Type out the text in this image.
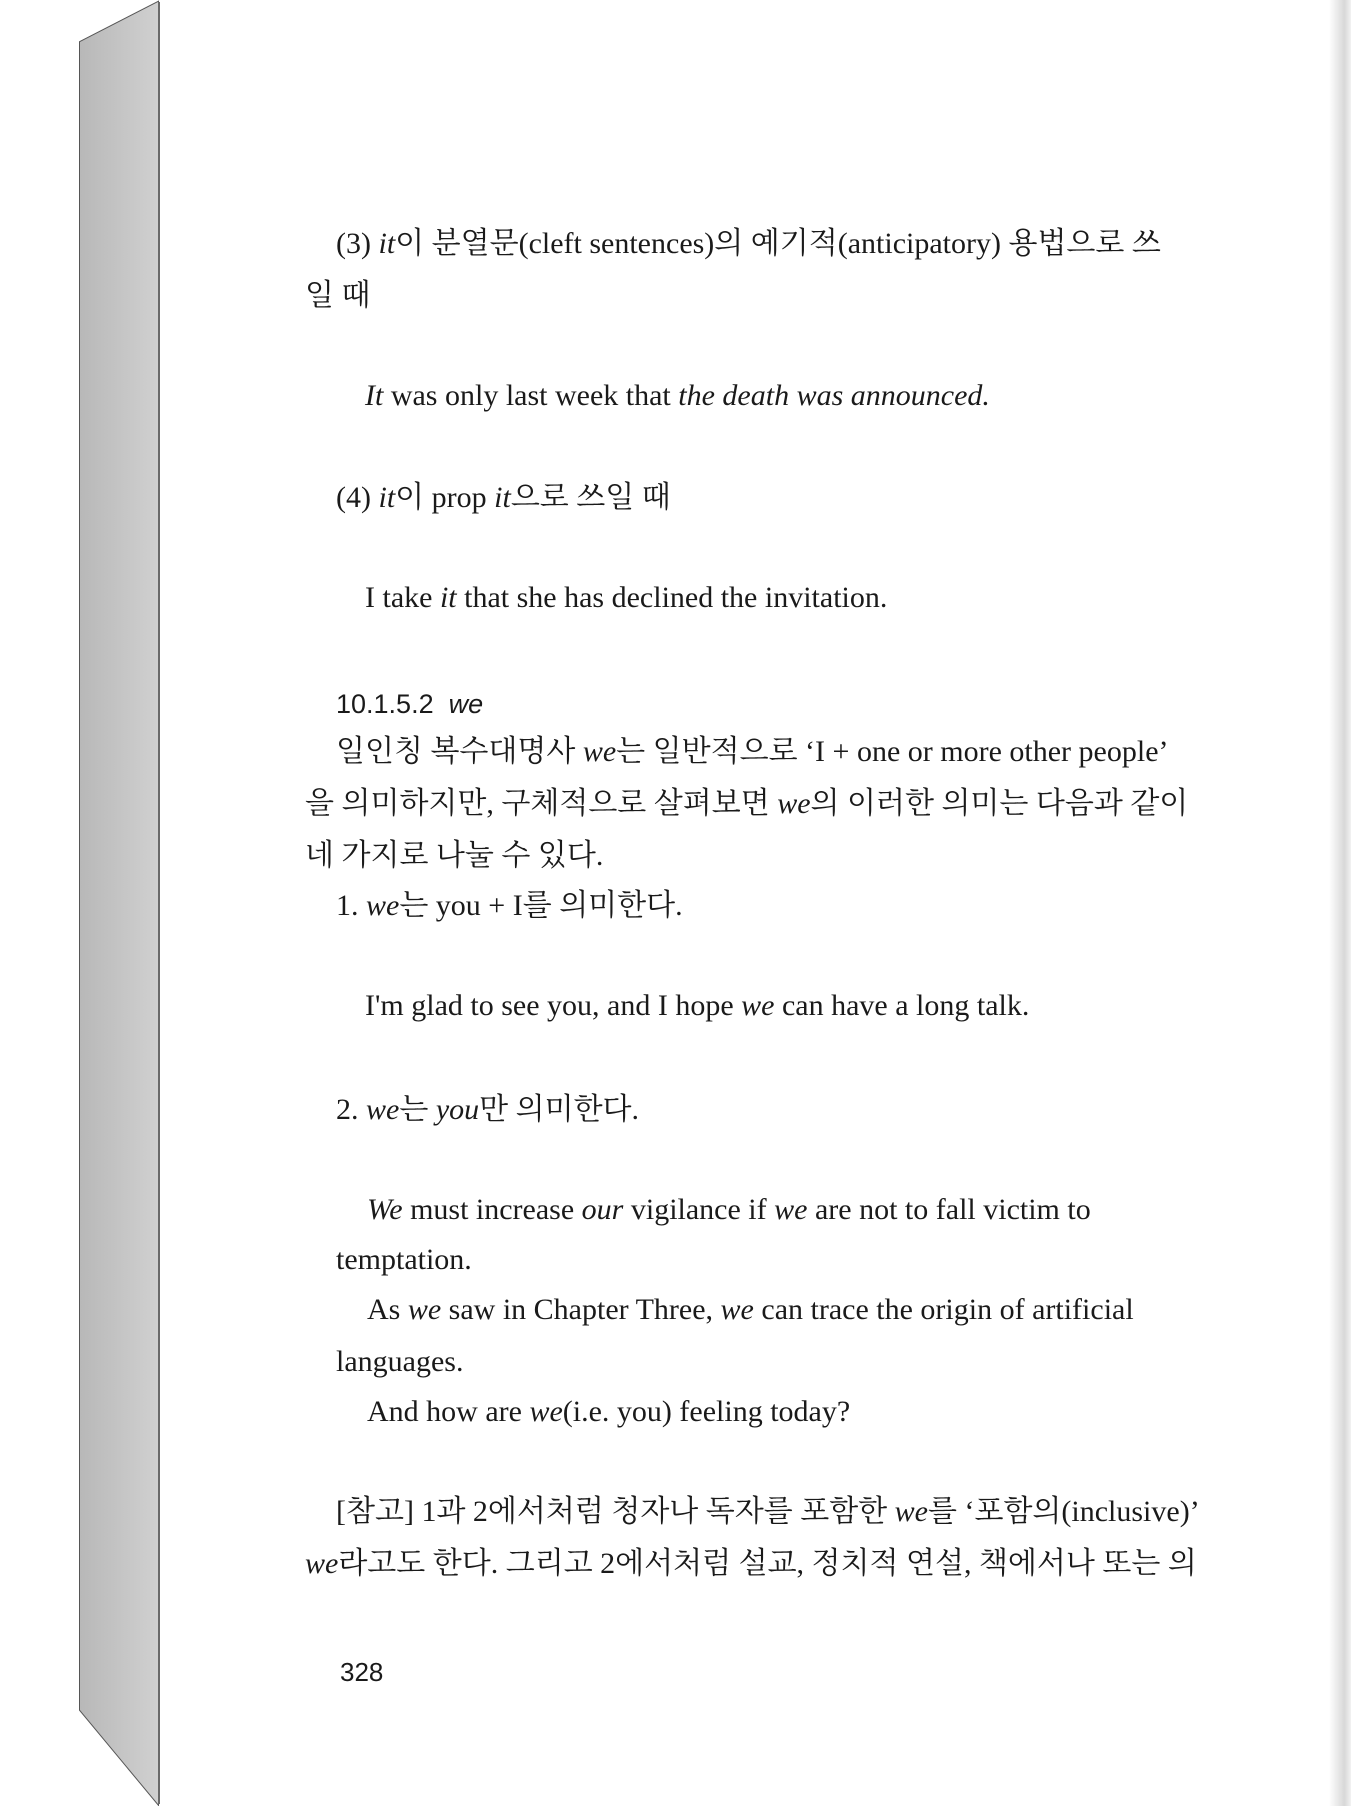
(3) it이 분열문(cleft sentences)의 예기적(anticipatory) 용법으로 쓰
일 때
It was only last week that the death was announced.
(4) it이 prop it으로 쓰일 때
I take it that she has declined the invitation.
10.1.5.2 we
일인칭 복수대명사 we는 일반적으로 ‘I + one or more other people’
을 의미하지만, 구체적으로 살펴보면 we의 이러한 의미는 다음과 같이
네 가지로 나눌 수 있다.
1. we는 you + I를 의미한다.
I'm glad to see you, and I hope we can have a long talk.
2. we는 you만 의미한다.
We must increase our vigilance if we are not to fall victim to
temptation.
As we saw in Chapter Three, we can trace the origin of artificial
languages.
And how are we(i.e. you) feeling today?
[참고] 1과 2에서처럼 청자나 독자를 포함한 we를 ‘포함의(inclusive)’
we라고도 한다. 그리고 2에서처럼 설교, 정치적 연설, 책에서나 또는 의
328
